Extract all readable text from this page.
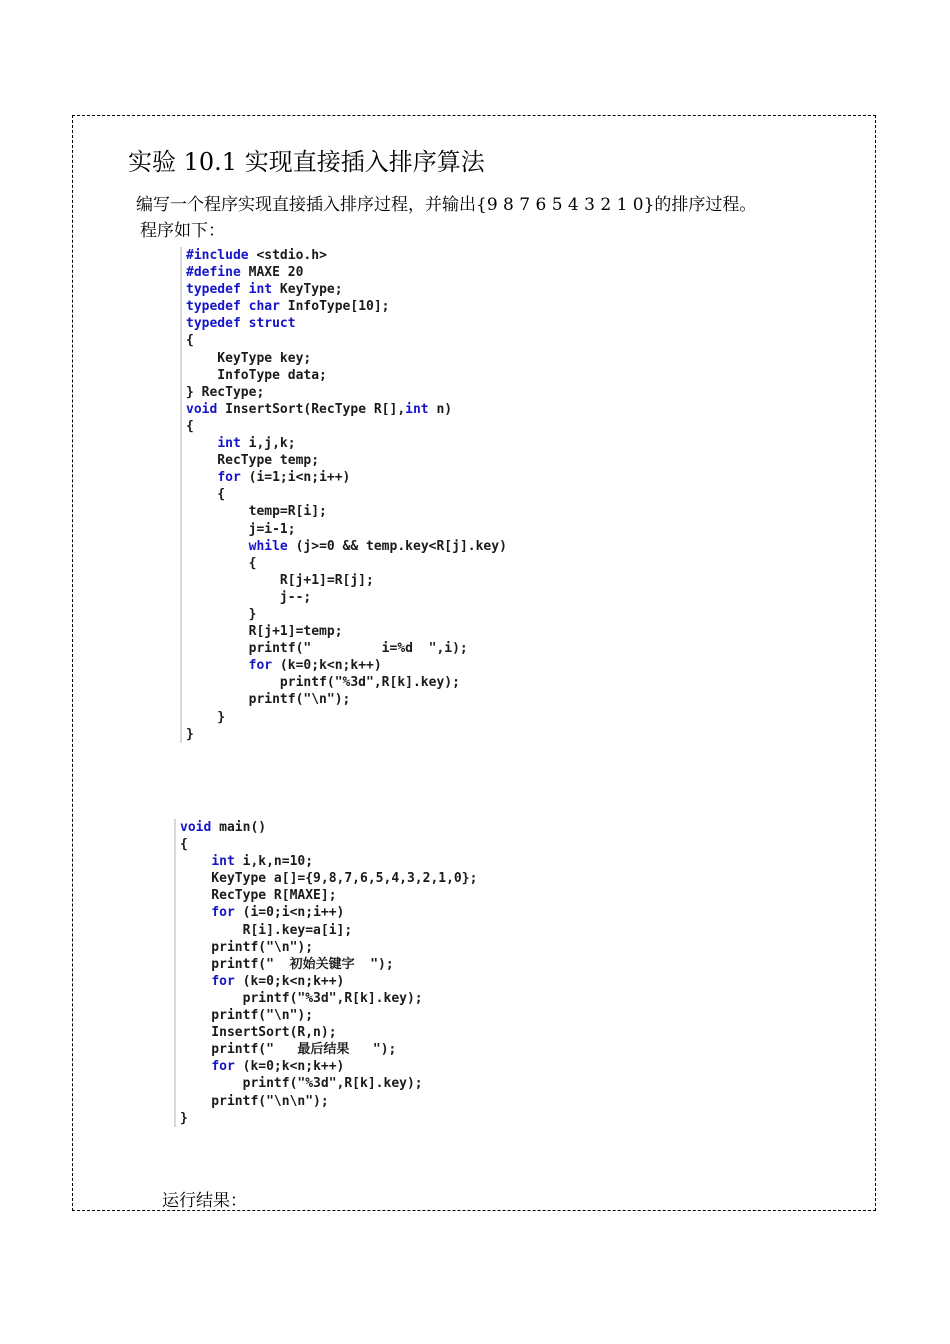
实验 10.1 实现直接插入排序算法
编写一个程序实现直接插入排序过程，并输出{9 8 7 6 5 4 3 2 1 0}的排序过程。
程序如下：
#include <stdio.h>
#define MAXE 20
typedef int KeyType;
typedef char InfoType[10];
typedef struct
{
KeyType key;
InfoType data;
} RecType;
void InsertSort(RecType R[],int n)
{
int i,j,k;
RecType temp;
for (i=1;i<n;i++)
{
temp=R[i];
j=i-1;
while (j>=0 && temp.key<R[j].key)
{
R[j+1]=R[j];
j--;
}
R[j+1]=temp;
printf("         i=%d  ",i);
for (k=0;k<n;k++)
printf("%3d",R[k].key);
printf("\n");
}
}
void main()
{
int i,k,n=10;
KeyType a[]={9,8,7,6,5,4,3,2,1,0};
RecType R[MAXE];
for (i=0;i<n;i++)
R[i].key=a[i];
printf("\n");
printf("  初始关键字  ");
for (k=0;k<n;k++)
printf("%3d",R[k].key);
printf("\n");
InsertSort(R,n);
printf("   最后结果   ");
for (k=0;k<n;k++)
printf("%3d",R[k].key);
printf("\n\n");
}
运行结果：
